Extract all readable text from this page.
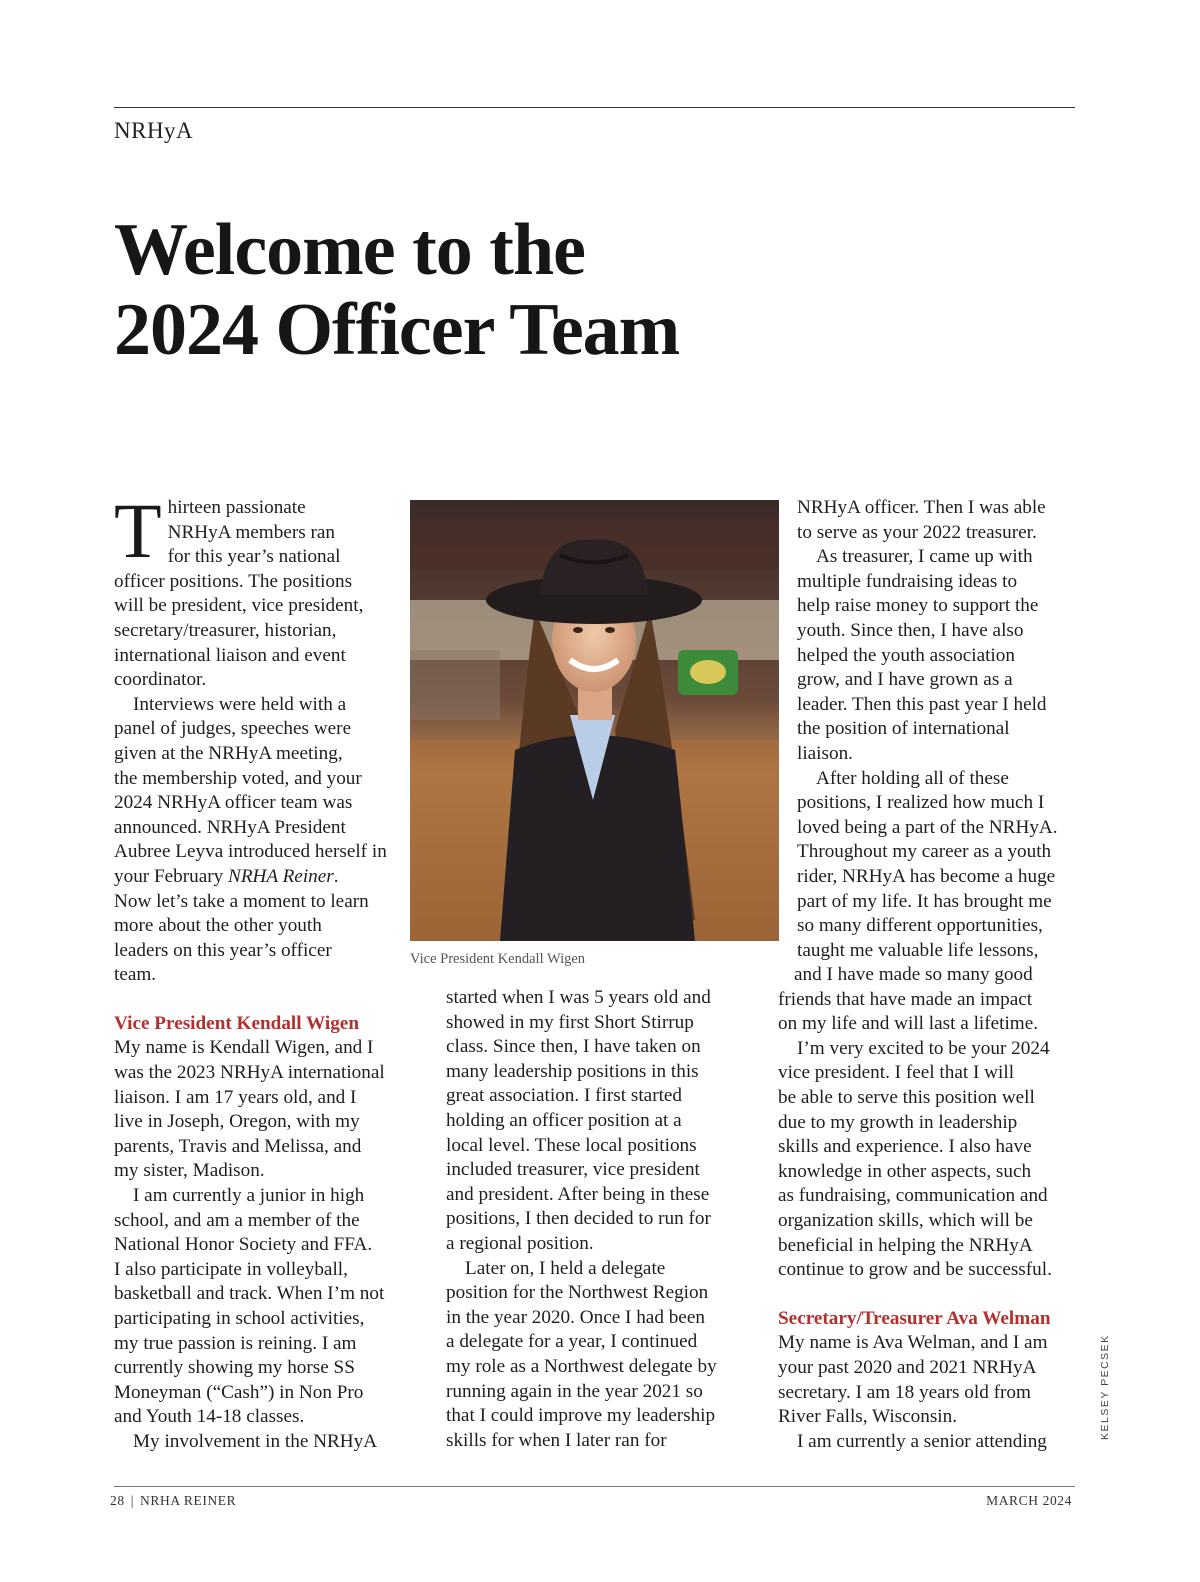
NRHyA
Welcome to the
2024 Officer Team

T hirteen passionate
NRHyA members ran
for this year’s national
officer positions. The positions
will be president, vice president,
secretary/treasurer, historian,
international liaison and event
coordinator.

Interviews were held with a
panel of judges, speeches were
given at the NRHyA meeting,
the membership voted, and your
2024 NRHyA officer team was
announced. NRHyA President
Aubree Leyva introduced herself in your February NRHA Reiner.
Now let’s take a moment to learn
more about the other youth
leaders on this year’s officer
team.

Vice President Kendall Wigen

My name is Kendall Wigen, and I
was the 2023 NRHyA international
liaison. I am 17 years old, and I
live in Joseph, Oregon, with my
parents, Travis and Melissa, and
my sister, Madison.

I am currently a junior in high
school, and am a member of the
National Honor Society and FFA.
I also participate in volleyball,
basketball and track. When I’m not
participating in school activities,
my true passion is reining. I am
currently showing my horse SS
Moneyman (“Cash”) in Non Pro
and Youth 14-18 classes.

My involvement in the NRHyA

Vice President Kendall Wigen

started when I was 5 years old and
showed in my first Short Stirrup
class. Since then, I have taken on
many leadership positions in this
great association. I first started
holding an officer position at a
local level. These local positions
included treasurer, vice president
and president. After being in these
positions, I then decided to run for
a regional position.

Later on, I held a delegate
position for the Northwest Region
in the year 2020. Once I had been
a delegate for a year, I continued
my role as a Northwest delegate by
running again in the year 2021 so
that I could improve my leadership
skills for when I later ran for

NRHyA officer. Then I was able
to serve as your 2022 treasurer.

As treasurer, I came up with
multiple fundraising ideas to
help raise money to support the
youth. Since then, I have also
helped the youth association
grow, and I have grown as a
leader. Then this past year I held
the position of international
liaison.

After holding all of these
positions, I realized how much I
loved being a part of the NRHyA.
Throughout my career as a youth
rider, NRHyA has become a huge
part of my life. It has brought me
so many different opportunities,
taught me valuable life lessons,

and I have made so many good

friends that have made an impact
on my life and will last a lifetime.

I’m very excited to be your 2024
vice president. I feel that I will
be able to serve this position well
due to my growth in leadership
skills and experience. I also have
knowledge in other aspects, such
as fundraising, communication and
organization skills, which will be
beneficial in helping the NRHyA
continue to grow and be successful.

Secretary/Treasurer Ava Welman

My name is Ava Welman, and I am
your past 2020 and 2021 NRHyA
secretary. I am 18 years old from
River Falls, Wisconsin.

I am currently a senior attending

KELSEY PECSEK
28 | NRHA REINER	MARCH 2024
